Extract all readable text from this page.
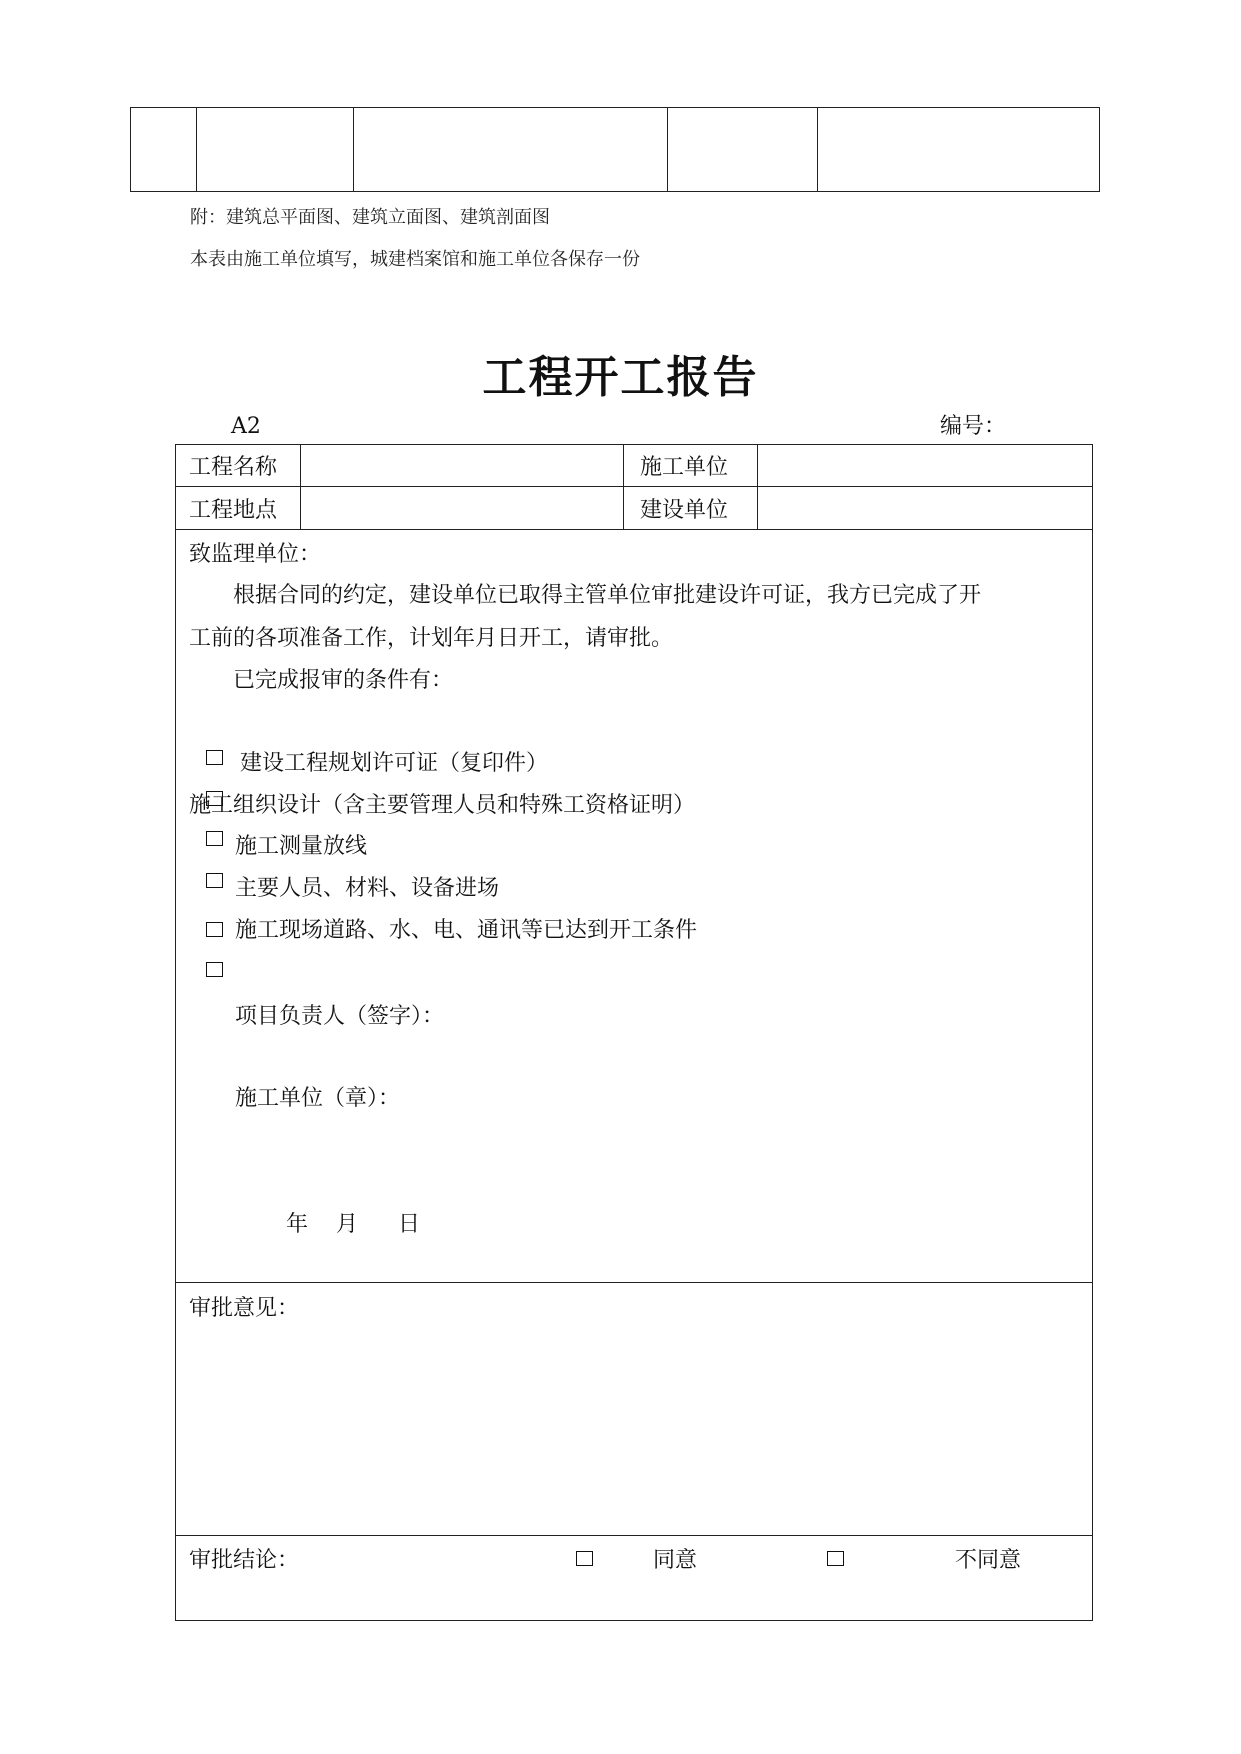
附：建筑总平面图、建筑立面图、建筑剖面图
本表由施工单位填写，城建档案馆和施工单位各保存一份
工程开工报告
A2	编号：
工程名称	施工单位
工程地点	建设单位
致监理单位：
根据合同的约定，建设单位已取得主管单位审批建设许可证，我方已完成了开
工前的各项准备工作，计划年月日开工，请审批。
已完成报审的条件有：
建设工程规划许可证（复印件）
施工组织设计（含主要管理人员和特殊工资格证明）
施工测量放线
主要人员、材料、设备进场
施工现场道路、水、电、通讯等已达到开工条件
项目负责人（签字）：
施工单位（章）：
年 月 日
审批意见：
审批结论：	同意	不同意
